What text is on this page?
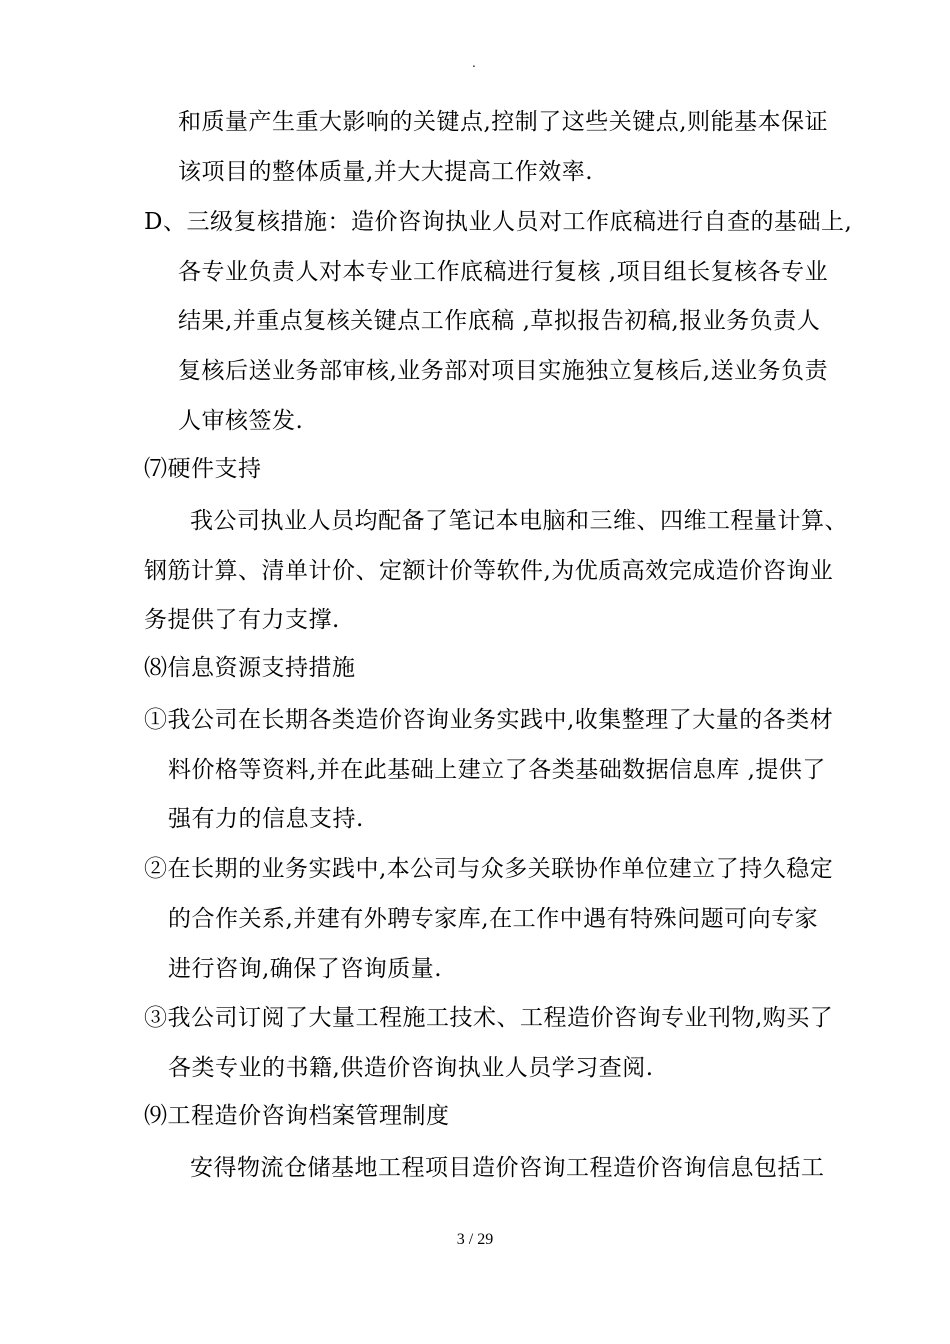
.
和质量产生重大影响的关键点,控制了这些关键点,则能基本保证
该项目的整体质量,并大大提高工作效率.
D、三级复核措施：造价咨询执业人员对工作底稿进行自查的基础上,
各专业负责人对本专业工作底稿进行复核 ,项目组长复核各专业
结果,并重点复核关键点工作底稿 ,草拟报告初稿,报业务负责人
复核后送业务部审核,业务部对项目实施独立复核后,送业务负责
人审核签发.
⑺硬件支持
我公司执业人员均配备了笔记本电脑和三维、四维工程量计算、
钢筋计算、清单计价、定额计价等软件,为优质高效完成造价咨询业
务提供了有力支撑.
⑻信息资源支持措施
①我公司在长期各类造价咨询业务实践中,收集整理了大量的各类材
料价格等资料,并在此基础上建立了各类基础数据信息库 ,提供了
强有力的信息支持.
②在长期的业务实践中,本公司与众多关联协作单位建立了持久稳定
的合作关系,并建有外聘专家库,在工作中遇有特殊问题可向专家
进行咨询,确保了咨询质量.
③我公司订阅了大量工程施工技术、工程造价咨询专业刊物,购买了
各类专业的书籍,供造价咨询执业人员学习查阅.
⑼工程造价咨询档案管理制度
安得物流仓储基地工程项目造价咨询工程造价咨询信息包括工
3 / 29
